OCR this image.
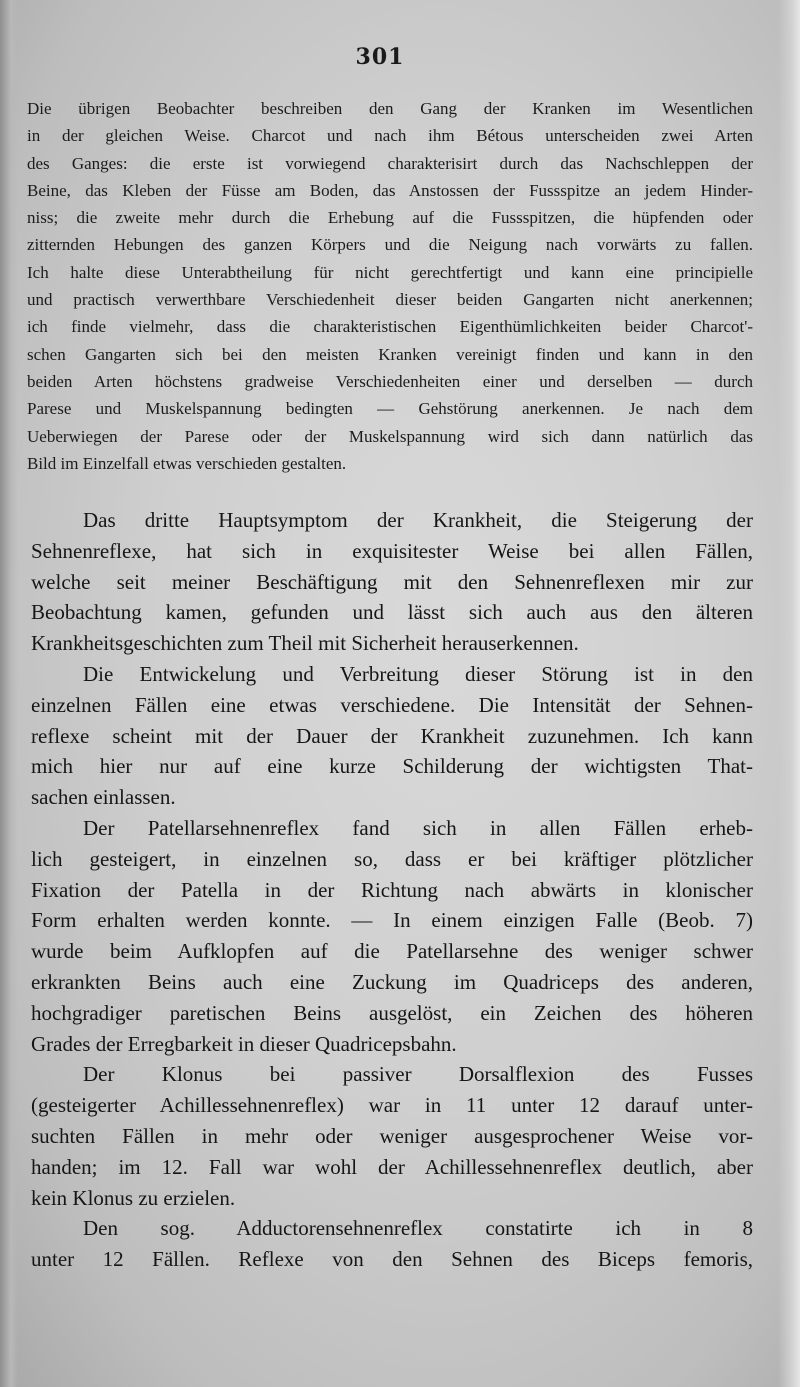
301
Die übrigen Beobachter beschreiben den Gang der Kranken im Wesentlichen
in der gleichen Weise. Charcot und nach ihm Bétous unterscheiden zwei Arten
des Ganges: die erste ist vorwiegend charakterisirt durch das Nachschleppen der
Beine, das Kleben der Füsse am Boden, das Anstossen der Fussspitze an jedem Hinder-
niss; die zweite mehr durch die Erhebung auf die Fussspitzen, die hüpfenden oder
zitternden Hebungen des ganzen Körpers und die Neigung nach vorwärts zu fallen.
Ich halte diese Unterabtheilung für nicht gerechtfertigt und kann eine principielle
und practisch verwerthbare Verschiedenheit dieser beiden Gangarten nicht anerkennen;
ich finde vielmehr, dass die charakteristischen Eigenthümlichkeiten beider Charcot'-
schen Gangarten sich bei den meisten Kranken vereinigt finden und kann in den
beiden Arten höchstens gradweise Verschiedenheiten einer und derselben — durch
Parese und Muskelspannung bedingten — Gehstörung anerkennen. Je nach dem
Ueberwiegen der Parese oder der Muskelspannung wird sich dann natürlich das
Bild im Einzelfall etwas verschieden gestalten.
Das dritte Hauptsymptom der Krankheit, die Steigerung der
Sehnenreflexe, hat sich in exquisitester Weise bei allen Fällen,
welche seit meiner Beschäftigung mit den Sehnenreflexen mir zur
Beobachtung kamen, gefunden und lässt sich auch aus den älteren
Krankheitsgeschichten zum Theil mit Sicherheit herauserkennen.
Die Entwickelung und Verbreitung dieser Störung ist in den
einzelnen Fällen eine etwas verschiedene. Die Intensität der Sehnen-
reflexe scheint mit der Dauer der Krankheit zuzunehmen. Ich kann
mich hier nur auf eine kurze Schilderung der wichtigsten That-
sachen einlassen.
Der Patellarsehnenreflex fand sich in allen Fällen erheb-
lich gesteigert, in einzelnen so, dass er bei kräftiger plötzlicher
Fixation der Patella in der Richtung nach abwärts in klonischer
Form erhalten werden konnte. — In einem einzigen Falle (Beob. 7)
wurde beim Aufklopfen auf die Patellarsehne des weniger schwer
erkrankten Beins auch eine Zuckung im Quadriceps des anderen,
hochgradiger paretischen Beins ausgelöst, ein Zeichen des höheren
Grades der Erregbarkeit in dieser Quadricepsbahn.
Der Klonus bei passiver Dorsalflexion des Fusses
(gesteigerter Achillessehnenreflex) war in 11 unter 12 darauf unter-
suchten Fällen in mehr oder weniger ausgesprochener Weise vor-
handen; im 12. Fall war wohl der Achillessehnenreflex deutlich, aber
kein Klonus zu erzielen.
Den sog. Adductorensehnenreflex constatirte ich in 8
unter 12 Fällen. Reflexe von den Sehnen des Biceps femoris,
